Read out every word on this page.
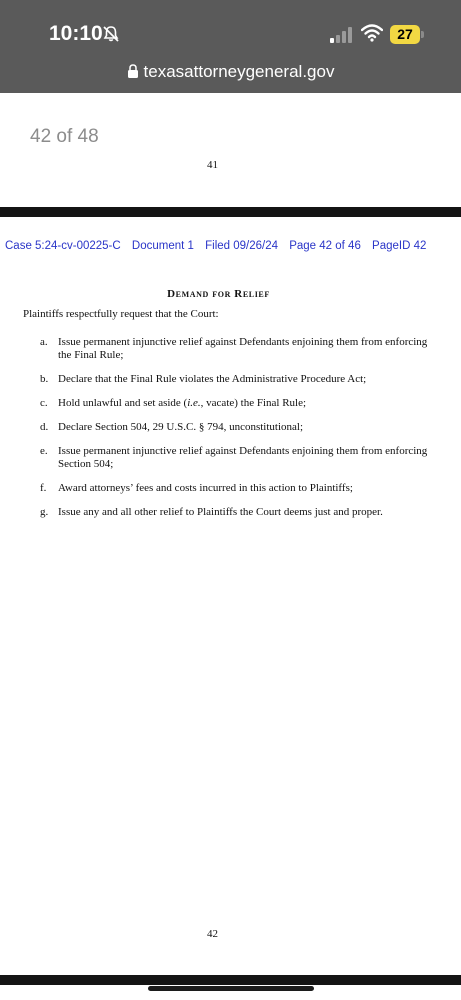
10:10	27
texasattorneygeneral.gov
42 of 48
41
Case 5:24-cv-00225-C Document 1 Filed 09/26/24 Page 42 of 46 PageID 42
Demand for Relief
Plaintiffs respectfully request that the Court:
a. Issue permanent injunctive relief against Defendants enjoining them from enforcing the Final Rule;
b. Declare that the Final Rule violates the Administrative Procedure Act;
c. Hold unlawful and set aside (i.e., vacate) the Final Rule;
d. Declare Section 504, 29 U.S.C. § 794, unconstitutional;
e. Issue permanent injunctive relief against Defendants enjoining them from enforcing Section 504;
f.	Award attorneys’ fees and costs incurred in this action to Plaintiffs;
g. Issue any and all other relief to Plaintiffs the Court deems just and proper.
42
